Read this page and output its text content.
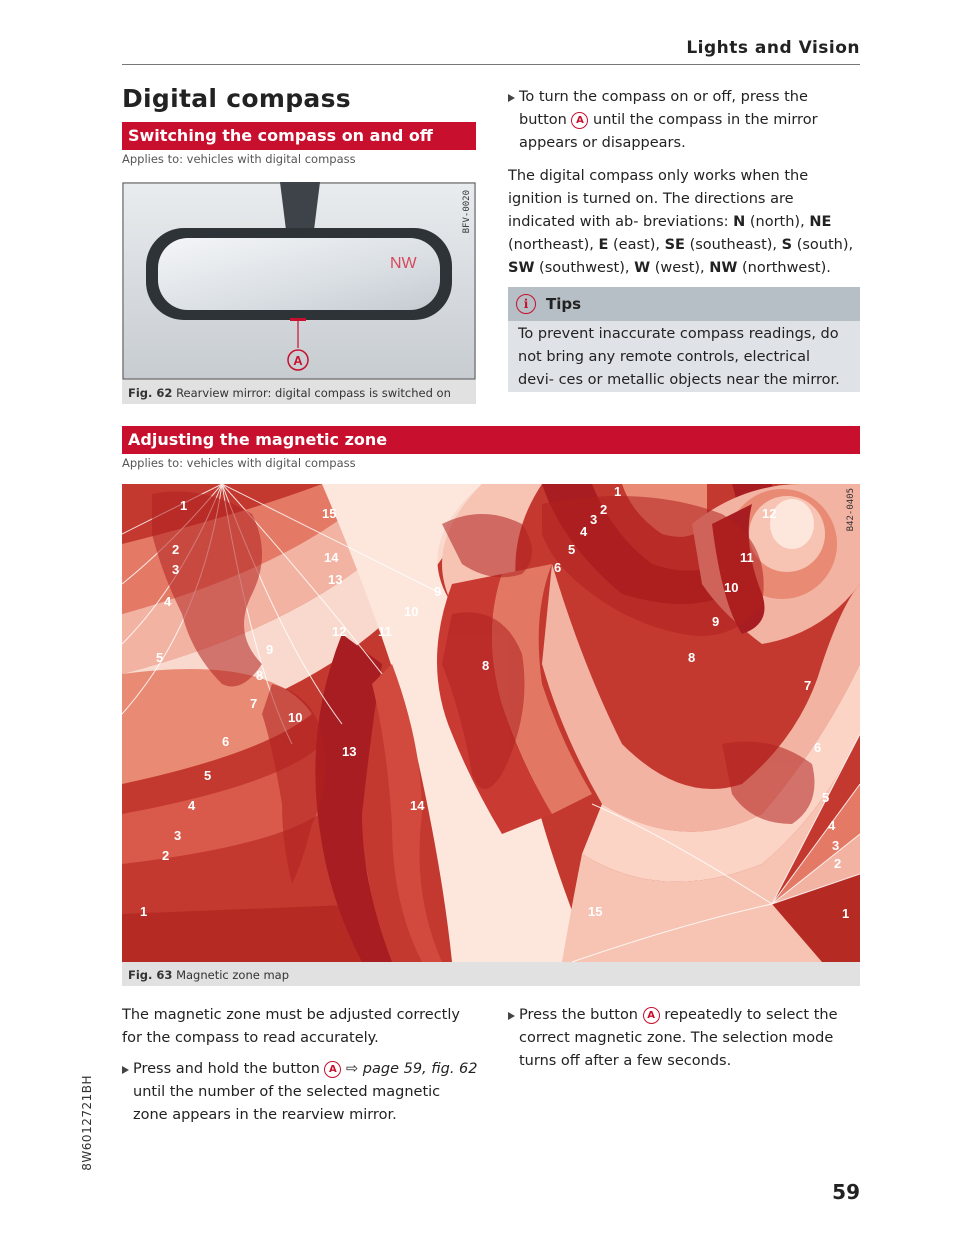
Lights and Vision
Digital compass
Switching the compass on and off
Applies to: vehicles with digital compass
A
NW
BFV-0020
Fig. 62 Rearview mirror: digital compass is switched on
To turn the compass on or off, press the button A until the compass in the mirror appears or disappears.
The digital compass only works when the ignition is turned on. The directions are indicated with ab- breviations: N (north), NE (northeast), E (east), SE (southeast), S (south), SW (southwest), W (west), NW (northwest).
i	Tips
To prevent inaccurate compass readings, do not bring any remote controls, electrical devi- ces or metallic objects near the mirror.
Adjusting the magnetic zone
Applies to: vehicles with digital compass
1
2
3
4
5
6
7
8
9
10
11
12
13
14
15
1
2
3
4
5
13
14
8
9
10
6
5
4
3
2
1
12
11
10
9
8
7
6
5
4
3
2
1
15
B42-0405
Fig. 63 Magnetic zone map
The magnetic zone must be adjusted correctly for the compass to read accurately.
Press and hold the button A ⇨ page 59, fig. 62 until the number of the selected magnetic zone appears in the rearview mirror.
Press the button A repeatedly to select the correct magnetic zone. The selection mode turns off after a few seconds.
8W6012721BH
59
